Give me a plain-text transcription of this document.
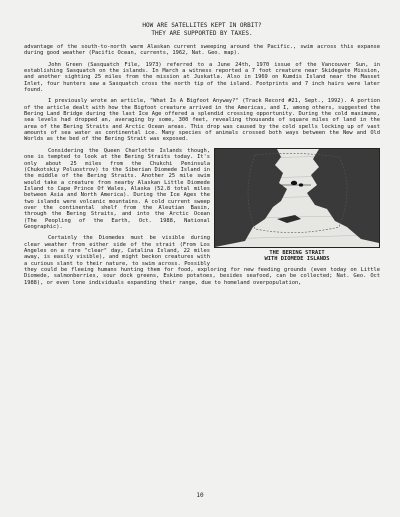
HOW ARE SATELLITES KEPT IN ORBIT?
THEY ARE SUPPORTED BY TAXES.

advantage of the south-to-north warm Alaskan current sweeping around the Pacific., swim across this expanse during good weather (Pacific Ocean, currents, 1962, Nat. Geo. map).

John Green (Sasquatch File, 1973) referred to a June 24th, 1970 issue of the Vancouver Sun, in establishing Sasquatch on the islands. In March a witness reported a 7 foot creature near Skidegate Mission, and another sighting 25 miles from the mission at Juskatla. Also in 1969 on Kumdis Island near the Masset Inlet, four hunters saw a Sasquatch cross the north tip of the island. Footprints and 7 inch hairs were later found.

I previously wrote an article, "What Is A Bigfoot Anyway?" (Track Record #21, Sept., 1992). A portion of the article dealt with how the Bigfoot creature arrived in the Americas, and I, among others, suggested the Bering Land Bridge during the last Ice Age offered a splendid crossing opportunity. During the cold maximums, sea levels had dropped an, averaging by some, 300 feet, revealing thousands of square miles of land in the area of the Bering Straits and Arctic Ocean areas. This drop was caused by the cold spells locking up of vast amounts of sea water as continental ice. Many species of animals crossed both ways between the New and Old Worlds as the bed of the Bering Strait was exposed.

THE BERING STRAIT
WITH DIOMEDE ISLANDS

Considering the Queen Charlotte Islands though, one is tempted to look at the Bering Straits today. It's only about 25 miles from the Chukchi Peninsula (Chukotskiy Poluostrov) to the Siberian Diomede Island in the middle of the Bering Straits. Another 25 mile swim would take a creature from nearby Alaskan Little Diomede Island to Cape Prince Of Wales, Alaska (52.8 total miles between Asia and North America). During the Ice Ages the two islands were volcanic mountains. A cold current sweep over the continental shelf from the Aleutian Basin, through the Bering Straits, and into the Arctic Ocean (The Peopling of the Earth, Oct. 1988, National Geographic).

Certainly the Diomedes must be visible during clear weather from either side of the strait (From Los Angeles on a rare "clear" day, Catalina Island, 22 miles away, is easily visible), and might beckon creatures with a curious slant to their nature, to swim across. Possibly they could be fleeing humans hunting them for food, exploring for new feeding grounds (even today on Little Diomede, salmonberries, sour dock greens, Eskimo potatoes, besides seafood, can be collected; Nat. Geo. Oct 1988), or even lone individuals expanding their range, due to homeland overpopulation,

10
